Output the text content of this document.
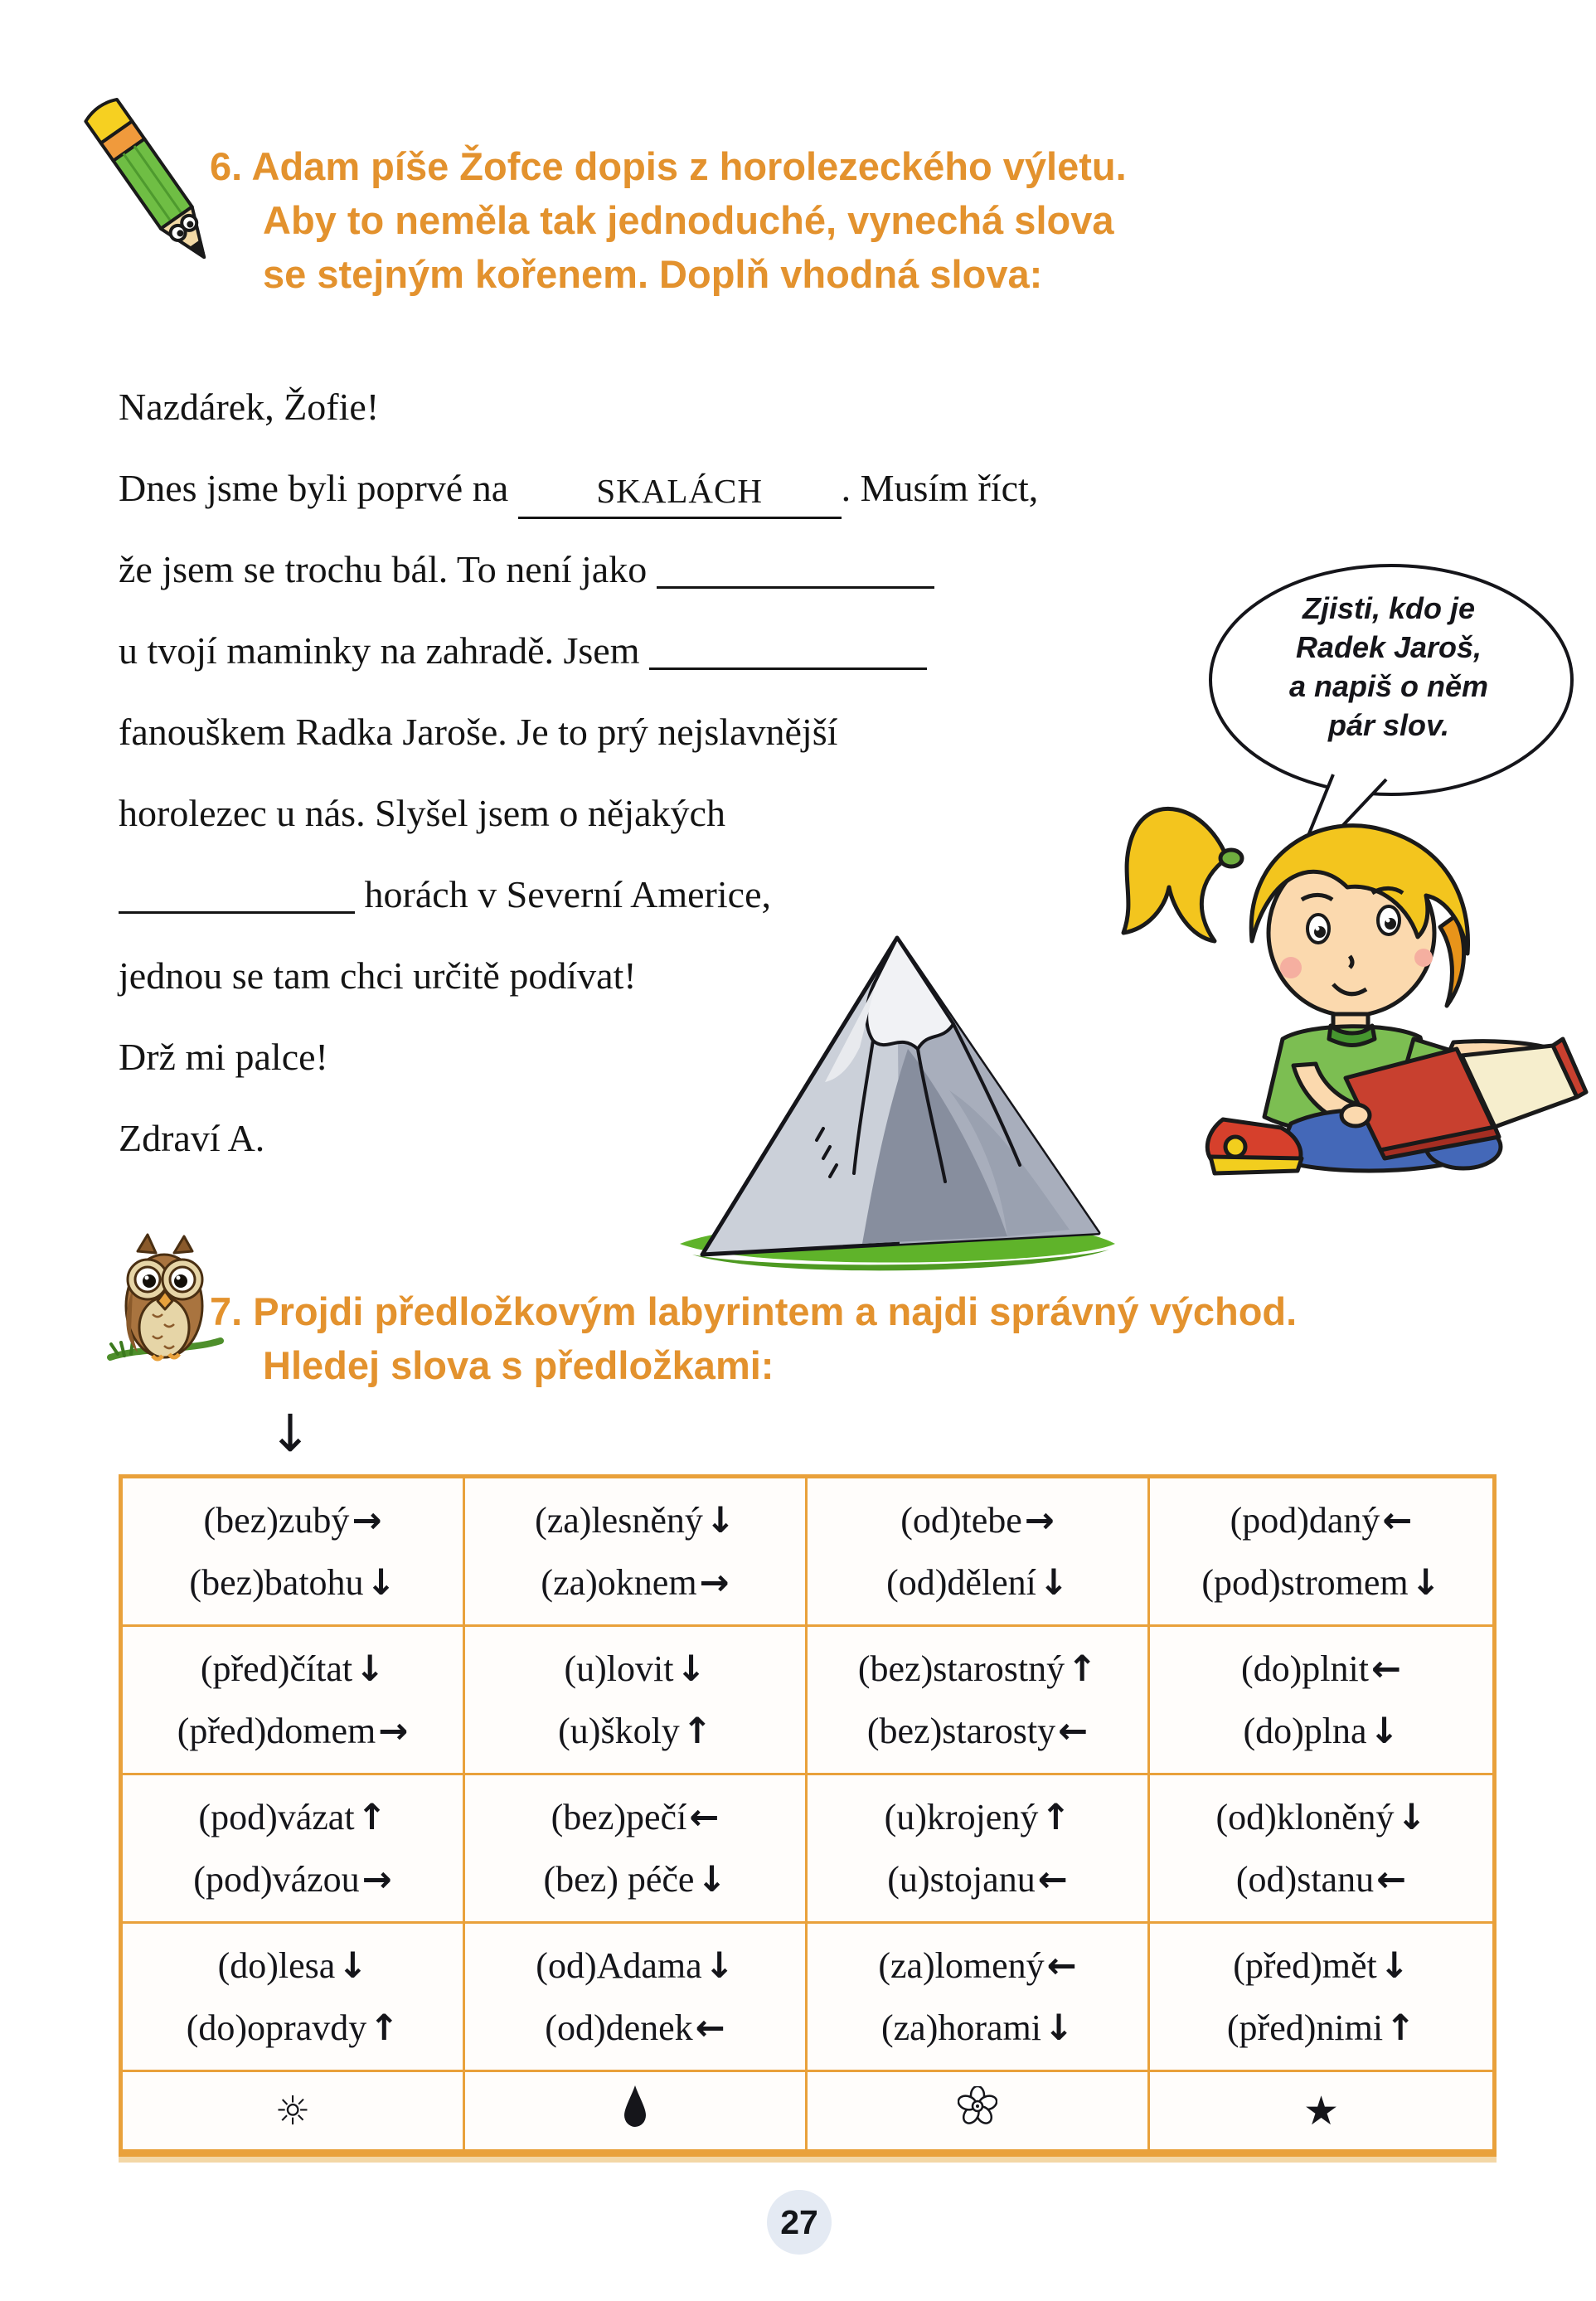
6. Adam píše Žofce dopis z horolezeckého výletu.
Aby to neměla tak jednoduché, vynechá slova
se stejným kořenem. Doplň vhodná slova:
Nazdárek, Žofie!
Dnes jsme byli poprvé na SKALÁCH . Musím říct,
že jsem se trochu bál. To není jako
u tvojí maminky na zahradě. Jsem
fanouškem Radka Jaroše. Je to prý nejslavnější
horolezec u nás. Slyšel jsem o nějakých
horách v Severní Americe,
jednou se tam chci určitě podívat!
Drž mi palce!
Zdraví A.
Zjisti, kdo je
Radek Jaroš,
a napiš o něm
pár slov.
7. Projdi předložkovým labyrintem a najdi správný východ.
Hledej slova s předložkami:
↓
(bez)zubý →
(bez)batohu ↓
(za)lesněný ↓
(za)oknem →
(od)tebe →
(od)dělení ↓
(pod)daný ←
(pod)stromem ↓
(před)čítat ↓
(před)domem →
(u)lovit ↓
(u)školy ↑
(bez)starostný ↑
(bez)starosty ←
(do)plnit ←
(do)plna ↓
(pod)vázat ↑
(pod)vázou →
(bez)pečí ←
(bez) péče ↓
(u)krojený ↑
(u)stojanu ←
(od)kloněný ↓
(od)stanu ←
(do)lesa ↓
(do)opravdy ↑
(od)Adama ↓
(od)denek ←
(za)lomený ←
(za)horami ↓
(před)mět ↓
(před)nimi ↑
☼	★
27
